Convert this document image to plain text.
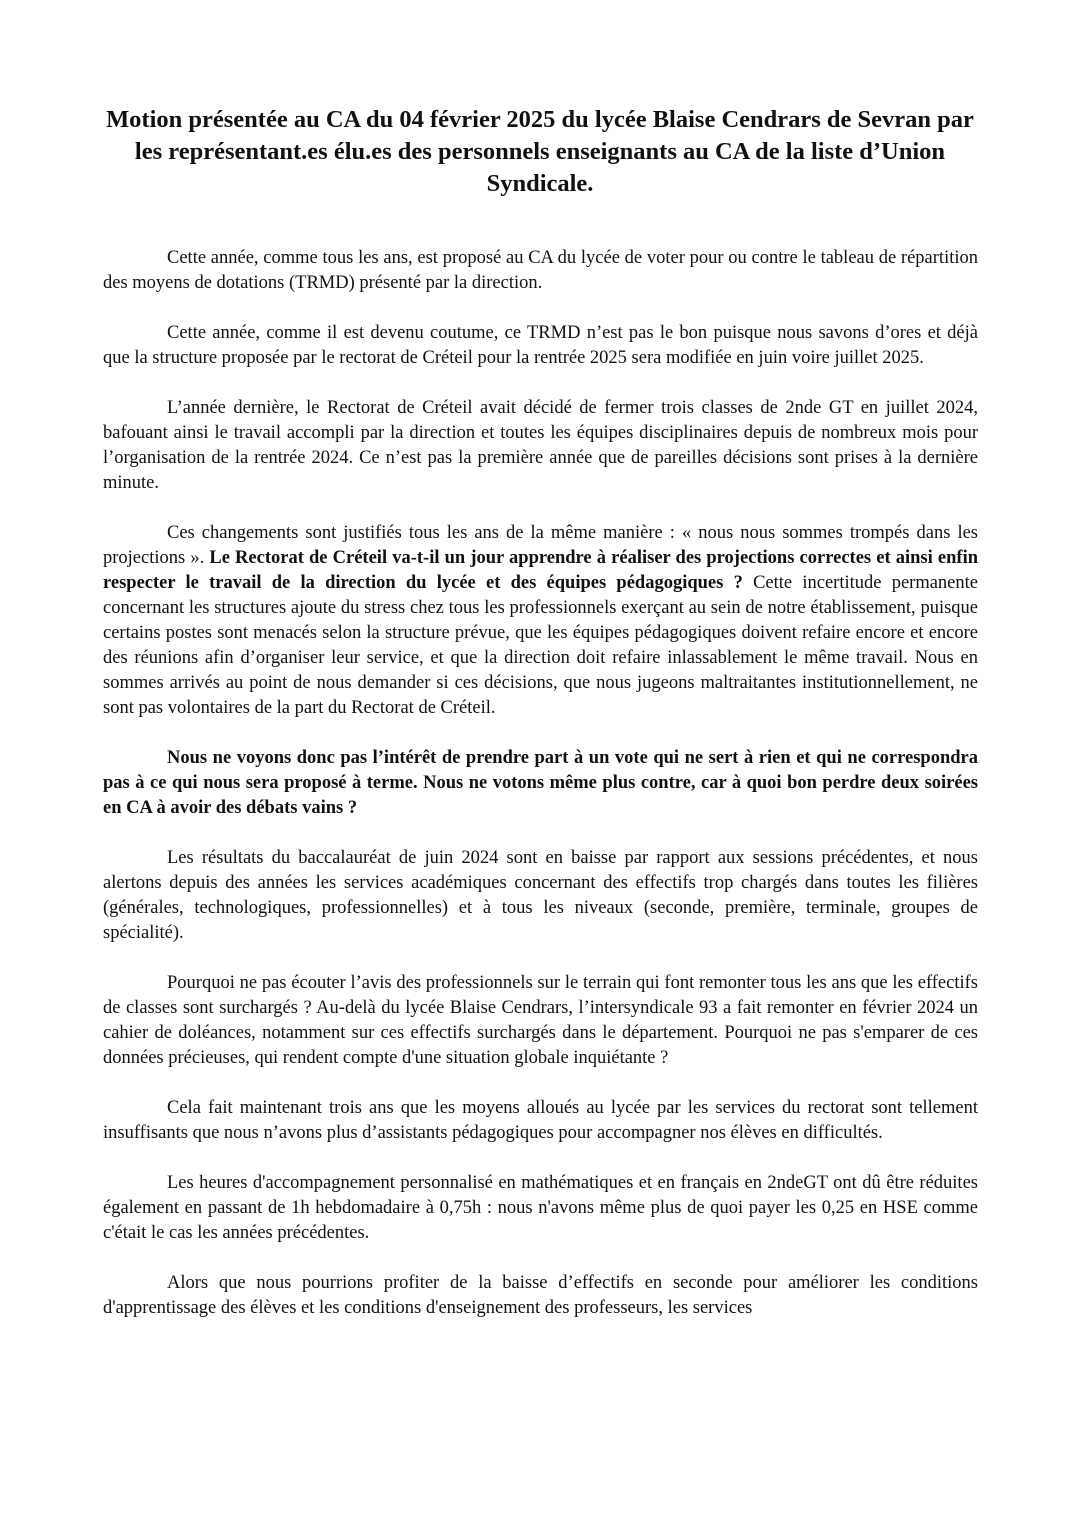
Motion présentée au CA du 04 février 2025 du lycée Blaise Cendrars de Sevran par les représentant.es élu.es des personnels enseignants au CA de la liste d’Union Syndicale.

Cette année, comme tous les ans, est proposé au CA du lycée de voter pour ou contre le tableau de répartition des moyens de dotations (TRMD) présenté par la direction.

Cette année, comme il est devenu coutume, ce TRMD n’est pas le bon puisque nous savons d’ores et déjà que la structure proposée par le rectorat de Créteil pour la rentrée 2025 sera modifiée en juin voire juillet 2025.

L’année dernière, le Rectorat de Créteil avait décidé de fermer trois classes de 2nde GT en juillet 2024, bafouant ainsi le travail accompli par la direction et toutes les équipes disciplinaires depuis de nombreux mois pour l’organisation de la rentrée 2024. Ce n’est pas la première année que de pareilles décisions sont prises à la dernière minute.

Ces changements sont justifiés tous les ans de la même manière : « nous nous sommes trompés dans les projections ». Le Rectorat de Créteil va-t-il un jour apprendre à réaliser des projections correctes et ainsi enfin respecter le travail de la direction du lycée et des équipes pédagogiques ? Cette incertitude permanente concernant les structures ajoute du stress chez tous les professionnels exerçant au sein de notre établissement, puisque certains postes sont menacés selon la structure prévue, que les équipes pédagogiques doivent refaire encore et encore des réunions afin d’organiser leur service, et que la direction doit refaire inlassablement le même travail. Nous en sommes arrivés au point de nous demander si ces décisions, que nous jugeons maltraitantes institutionnellement, ne sont pas volontaires de la part du Rectorat de Créteil.

Nous ne voyons donc pas l’intérêt de prendre part à un vote qui ne sert à rien et qui ne correspondra pas à ce qui nous sera proposé à terme. Nous ne votons même plus contre, car à quoi bon perdre deux soirées en CA à avoir des débats vains ?

Les résultats du baccalauréat de juin 2024 sont en baisse par rapport aux sessions précédentes, et nous alertons depuis des années les services académiques concernant des effectifs trop chargés dans toutes les filières (générales, technologiques, professionnelles) et à tous les niveaux (seconde, première, terminale, groupes de spécialité).

Pourquoi ne pas écouter l’avis des professionnels sur le terrain qui font remonter tous les ans que les effectifs de classes sont surchargés ? Au-delà du lycée Blaise Cendrars, l’intersyndicale 93 a fait remonter en février 2024 un cahier de doléances, notamment sur ces effectifs surchargés dans le département. Pourquoi ne pas s'emparer de ces données précieuses, qui rendent compte d'une situation globale inquiétante ?

Cela fait maintenant trois ans que les moyens alloués au lycée par les services du rectorat sont tellement insuffisants que nous n’avons plus d’assistants pédagogiques pour accompagner nos élèves en difficultés.

Les heures d'accompagnement personnalisé en mathématiques et en français en 2ndeGT ont dû être réduites également en passant de 1h hebdomadaire à 0,75h : nous n'avons même plus de quoi payer les 0,25 en HSE comme c'était le cas les années précédentes.

Alors que nous pourrions profiter de la baisse d’effectifs en seconde pour améliorer les conditions d'apprentissage des élèves et les conditions d'enseignement des professeurs, les services
